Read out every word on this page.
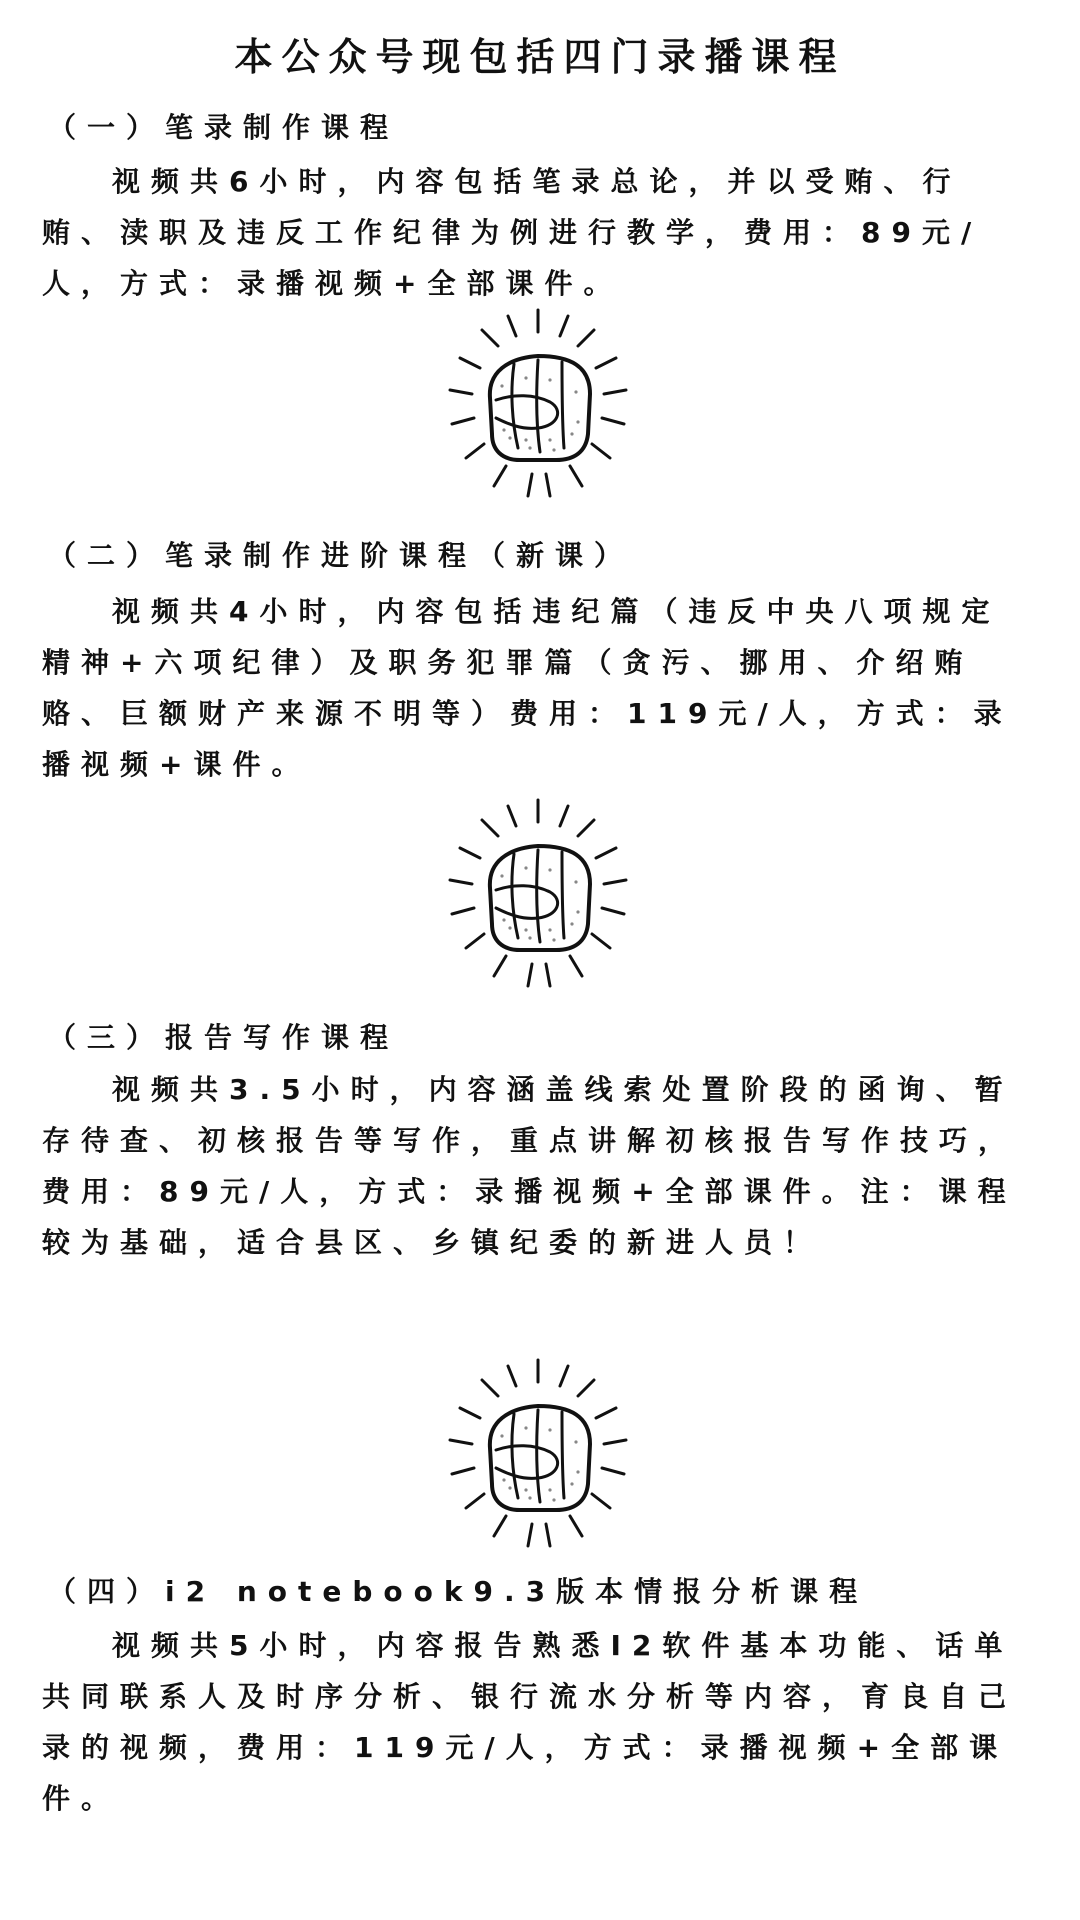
本公众号现包括四门录播课程
（一）笔录制作课程
视频共6小时，内容包括笔录总论，并以受贿、行贿、渎职及违反工作纪律为例进行教学，费用：89元/人，方式：录播视频+全部课件。
（二）笔录制作进阶课程（新课）
视频共4小时，内容包括违纪篇（违反中央八项规定精神+六项纪律）及职务犯罪篇（贪污、挪用、介绍贿赂、巨额财产来源不明等）费用：119元/人，方式：录播视频+课件。
（三）报告写作课程
视频共3.5小时，内容涵盖线索处置阶段的函询、暂存待查、初核报告等写作，重点讲解初核报告写作技巧，费用：89元/人，方式：录播视频+全部课件。注：课程较为基础，适合县区、乡镇纪委的新进人员！
（四）i2 notebook9.3版本情报分析课程
视频共5小时，内容报告熟悉I2软件基本功能、话单共同联系人及时序分析、银行流水分析等内容，育良自己录的视频，费用：119元/人，方式：录播视频+全部课件。
